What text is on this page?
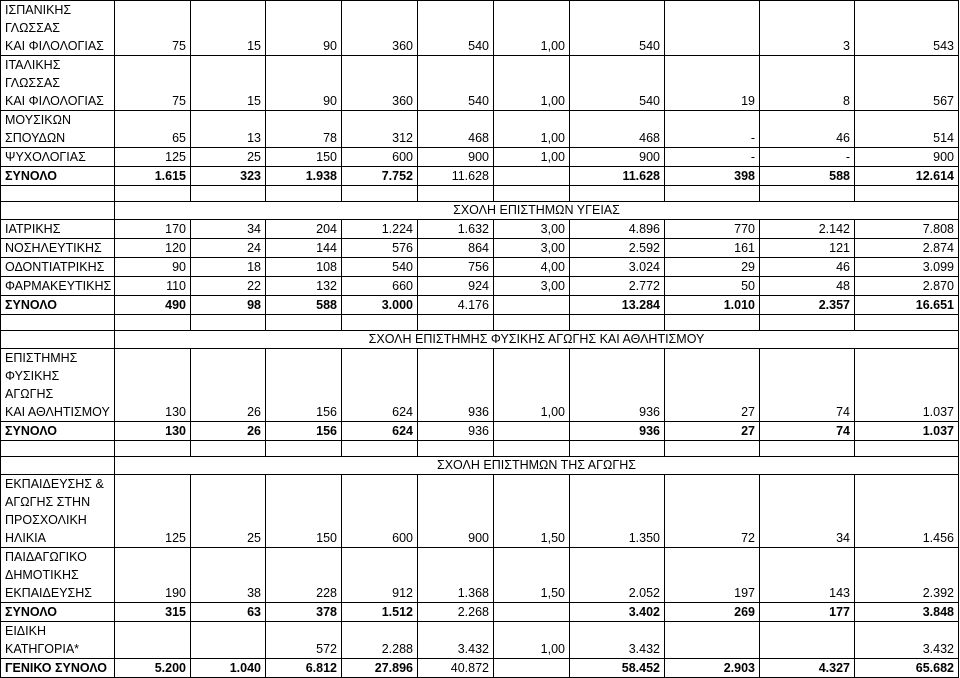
ΙΣΠΑΝΙΚΗΣ ΓΛΩΣΣΑΣ
ΚΑΙ ΦΙΛΟΛΟΓΙΑΣ	75	15	90	360	540	1,00	540		3	543
ΙΤΑΛΙΚΗΣ ΓΛΩΣΣΑΣ
ΚΑΙ ΦΙΛΟΛΟΓΙΑΣ	75	15	90	360	540	1,00	540	19	8	567
ΜΟΥΣΙΚΩΝ
ΣΠΟΥΔΩΝ	65	13	78	312	468	1,00	468	-	46	514
ΨΥΧΟΛΟΓΙΑΣ	125	25	150	600	900	1,00	900	-	-	900
ΣΥΝΟΛΟ	1.615	323	1.938	7.752	11.628		11.628	398	588	12.614

	ΣΧΟΛΗ ΕΠΙΣΤΗΜΩΝ ΥΓΕΙΑΣ									
ΙΑΤΡΙΚΗΣ	170	34	204	1.224	1.632	3,00	4.896	770	2.142	7.808
ΝΟΣΗΛΕΥΤΙΚΗΣ	120	24	144	576	864	3,00	2.592	161	121	2.874
ΟΔΟΝΤΙΑΤΡΙΚΗΣ	90	18	108	540	756	4,00	3.024	29	46	3.099
ΦΑΡΜΑΚΕΥΤΙΚΗΣ	110	22	132	660	924	3,00	2.772	50	48	2.870
ΣΥΝΟΛΟ	490	98	588	3.000	4.176		13.284	1.010	2.357	16.651

	ΣΧΟΛΗ ΕΠΙΣΤΗΜΗΣ ΦΥΣΙΚΗΣ ΑΓΩΓΗΣ ΚΑΙ ΑΘΛΗΤΙΣΜΟΥ									
ΕΠΙΣΤΗΜΗΣ
ΦΥΣΙΚΗΣ ΑΓΩΓΗΣ
ΚΑΙ ΑΘΛΗΤΙΣΜΟΥ	130	26	156	624	936	1,00	936	27	74	1.037
ΣΥΝΟΛΟ	130	26	156	624	936		936	27	74	1.037

	ΣΧΟΛΗ ΕΠΙΣΤΗΜΩΝ ΤΗΣ ΑΓΩΓΗΣ									
ΕΚΠΑΙΔΕΥΣΗΣ &
ΑΓΩΓΗΣ ΣΤΗΝ
ΠΡΟΣΧΟΛΙΚΗ
ΗΛΙΚΙΑ	125	25	150	600	900	1,50	1.350	72	34	1.456
ΠΑΙΔΑΓΩΓΙΚΟ
ΔΗΜΟΤΙΚΗΣ
ΕΚΠΑΙΔΕΥΣΗΣ	190	38	228	912	1.368	1,50	2.052	197	143	2.392
ΣΥΝΟΛΟ	315	63	378	1.512	2.268		3.402	269	177	3.848
ΕΙΔΙΚΗ ΚΑΤΗΓΟΡΙΑ*			572	2.288	3.432	1,00	3.432			3.432
ΓΕΝΙΚΟ ΣΥΝΟΛΟ	5.200	1.040	6.812	27.896	40.872		58.452	2.903	4.327	65.682
